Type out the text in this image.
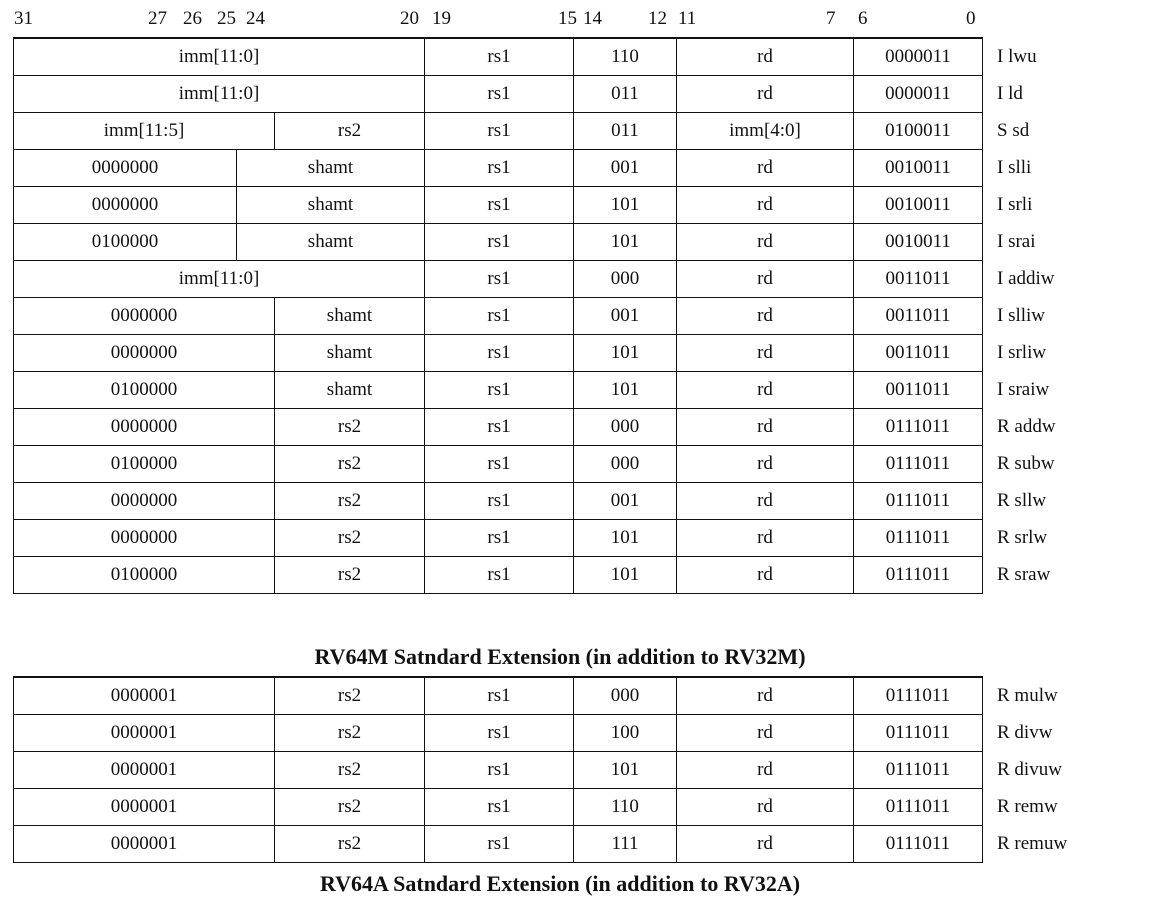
31	27 26 25 24	20 19	15 14 12 11	7 6	0
imm[11:0]	rs1	110	rd	0000011	I lwu
imm[11:0]	rs1	011	rd	0000011	I ld
imm[11:5]	rs2	rs1	011	imm[4:0]	0100011	S sd
0000000	shamt	rs1	001	rd	0010011	I slli
0000000	shamt	rs1	101	rd	0010011	I srli
0100000	shamt	rs1	101	rd	0010011	I srai
imm[11:0]	rs1	000	rd	0011011	I addiw
0000000	shamt	rs1	001	rd	0011011	I slliw
0000000	shamt	rs1	101	rd	0011011	I srliw
0100000	shamt	rs1	101	rd	0011011	I sraiw
0000000	rs2	rs1	000	rd	0111011	R addw
0100000	rs2	rs1	000	rd	0111011	R subw
0000000	rs2	rs1	001	rd	0111011	R sllw
0000000	rs2	rs1	101	rd	0111011	R srlw
0100000	rs2	rs1	101	rd	0111011	R sraw
RV64M Satndard Extension (in addition to RV32M)
0000001	rs2	rs1	000	rd	0111011	R mulw
0000001	rs2	rs1	100	rd	0111011	R divw
0000001	rs2	rs1	101	rd	0111011	R divuw
0000001	rs2	rs1	110	rd	0111011	R remw
0000001	rs2	rs1	111	rd	0111011	R remuw
RV64A Satndard Extension (in addition to RV32A)
